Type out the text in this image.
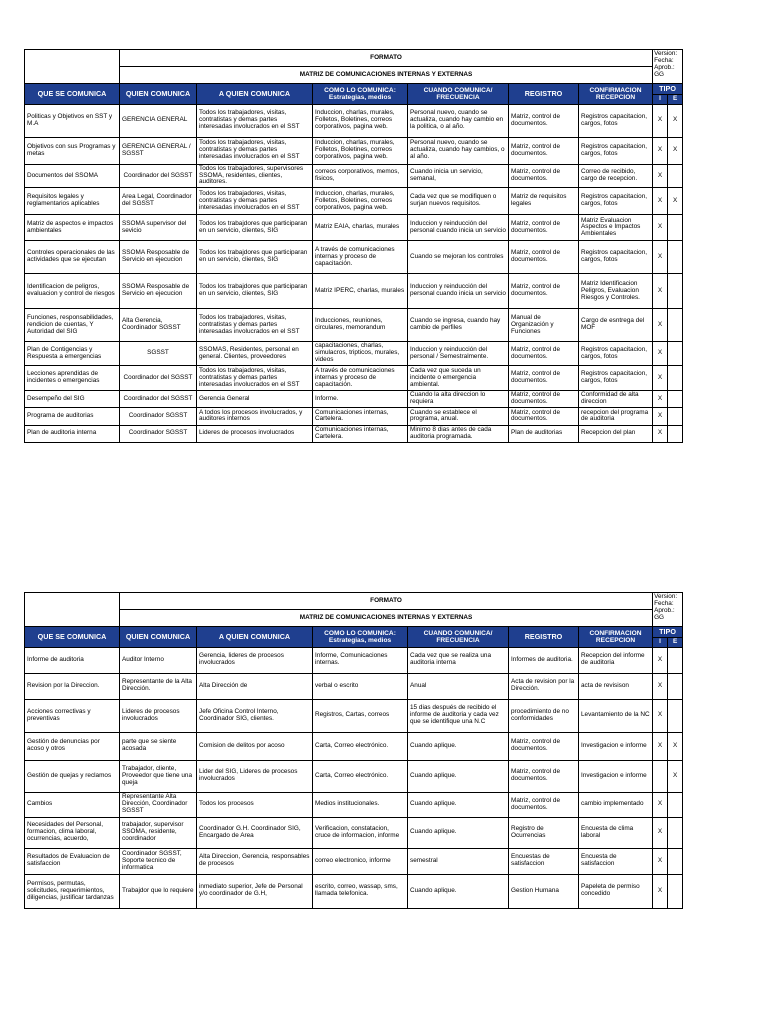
	FORMATO						Version:
Fecha:
Aprob.: GG	

	MATRIZ DE COMUNICACIONES INTERNAS Y EXTERNAS							
QUE SE COMUNICA	QUIEN COMUNICA	A QUIEN COMUNICA	COMO LO COMUNICA: Estrategias, medios	CUANDO COMUNICA/ FRECUENCIA	REGISTRO	CONFIRMACION RECEPCION	TIPO	
							I	E
Politicas y Objetivos en SST y M.A	GERENCIA GENERAL	Todos los trabajadores, visitas, contratistas y demas partes interesadas involucrados en el SST	Induccion, charlas, murales, Folletos, Boletines, correos corporativos, pagina web.	Personal nuevo, cuando se actualiza, cuando hay cambio en la politica, o al año.	Matriz, control de documentos.	Registros capacitacion, cargos, fotos	X	X
Objetivos con sus Programas y metas	GERENCIA GENERAL / SGSST	Todos los trabajadores, visitas, contratistas y demas partes interesadas involucrados en el SST	Induccion, charlas, murales, Folletos, Boletines, correos corporativos, pagina web.	Personal nuevo, cuando se actualiza, cuando hay cambios, o al año.	Matriz, control de documentos.	Registros capacitacion, cargos, fotos	X	X
Documentos del SSOMA	Coordinador del SGSST	Todos los trabajadores, supervisores SSOMA, residentes, clientes, auditores.	correos corporativos, memos, fisicos,	Cuando inicia un servicio, semanal,	Matriz, control de documentos.	Correo de recibido, cargo de recepcion.	X	
Requisitos legales y reglamentarios aplicables	Area Legal, Coordinador del SGSST	Todos los trabajadores, visitas, contratistas y demas partes interesadas involucrados en el SST	Induccion, charlas, murales, Folletos, Boletines, correos corporativos, pagina web.	Cada vez que se modifiquen o surjan nuevos requisitos.	Matriz de requisitos legales	Registros capacitacion, cargos, fotos	X	X
Matriz de aspectos e impactos ambientales	SSOMA supervisor del sevicio	Todos los trabajdores que participaran en un servicio, clientes, SIG	Matriz EAIA, charlas, murales	Induccion y reinducción del personal cuando inicia un servicio	Matriz, control de documentos.	Matriz Evaluacion Aspectos e Impactos Ambientales	X	
Controles operacionales de las actividades que se ejecutan	SSOMA Resposable de Servicio en ejecucion	Todos los trabajdores que participaran en un servicio, clientes, SIG	A través de comunicaciones internas y proceso de capacitación.	Cuando se mejoran los controles	Matriz, control de documentos.	Registros capacitacion, cargos, fotos	X	
Identificacion de peligros, evaluacion y control de riesgos	SSOMA Resposable de Servicio en ejecucion	Todos los trabajdores que participaran en un servicio, clientes, SIG	Matriz IPERC, charlas, murales	Induccion y reinducción del personal cuando inicia un servicio	Matriz, control de documentos.	Matriz Identificacion Peligros, Evaluacion Riesgos y Controles.	X	
Funciones, responsabilidades, rendicion de cuentas, Y Autoridad del SIG	Alta Gerencia, Coordinador SGSST	Todos los trabajadores, visitas, contratistas y demas partes interesadas involucrados en el SST	Inducciones, reuniones, circulares, memorandum	Cuando se ingresa, cuando hay cambio de perfiles	Manual de Organización y Funciones	Cargo de esntrega del MOF	X	
Plan de Contigencias y Respuesta a emergencias	SGSST	SSOMAS, Residentes, personal en general. Clientes, proveedores	capacitaciones, charlas, simulacros, tripticos, murales, videos	Induccion y reinducción del personal / Semestralmente.	Matriz, control de documentos.	Registros capacitacion, cargos, fotos	X	
Lecciones aprendidas de incidentes o emergencias	Coordinador del SGSST	Todos los trabajadores, visitas, contratistas y demas partes interesadas involucrados en el SST	A través de comunicaciones internas y proceso de capacitación.	Cada vez que suceda un incidente o emergencia ambiental.	Matriz, control de documentos.	Registros capacitacion, cargos, fotos	X	
Desempeño del SIG	Coordinador del SGSST	Gerencia General	Informe.	Cuando la alta direccion lo requiera	Matriz, control de documentos.	Conformidad de alta direccion	X	
Programa de auditorias	Coordinador SGSST	A todos los procesos involucrados, y auditores internos	Comunicaciones internas, Cartelera.	Cuando se establece el programa, anual.	Matriz, control de documentos.	recepcion del programa de auditoria	X	
Plan de auditoria interna	Coordinador SGSST	Lideres de procesos involucrados	Comunicaciones internas, Cartelera.	Minimo 8 dias antes de cada auditoria programada.	Plan de auditorias	Recepcion del plan	X	
	FORMATO						Version:
Fecha:
Aprob.: GG	

	MATRIZ DE COMUNICACIONES INTERNAS Y EXTERNAS							
QUE SE COMUNICA	QUIEN COMUNICA	A QUIEN COMUNICA	COMO LO COMUNICA: Estrategias, medios	CUANDO COMUNICA/ FRECUENCIA	REGISTRO	CONFIRMACION RECEPCION	TIPO	
							I	E
Informe de auditoria	Auditor Interno	Gerencia, lideres de procesos involucrados	Informe, Comunicaciones internas.	Cada vez que se realiza una auditoria interna	Informes de auditoria.	Recepcion del informe de auditoria	X	
Revision por la Direccion.	Representante de la Alta Dirección.	Alta Dirección de	verbal o escrito	Anual	Acta de revision por la Dirección.	acta de revisison	X	
Acciones correctivas y preventivas	Lideres de procesos involucrados	Jefe Oficina Control Interno, Coordinador SIG, clientes.	Registros, Cartas, correos	15 dias después de recibido el informe de auditoria y cada vez que se identifique una N.C	procedimiento de no conformidades	Levantamiento de la NC	X	
Gestión de denuncias por acoso y otros	parte que se siente acosada	Comision de delitos por acoso	Carta, Correo electrónico.	Cuando aplique.	Matriz, control de documentos.	Investigacion e informe	X	X
Gestión de quejas y reclamos	Trabajador, cliente, Proveedor que tiene una queja	Lider del SIG, Lideres de procesos involucrados	Carta, Correo electrónico.	Cuando aplique.	Matriz, control de documentos.	Investigacion e informe		X
Cambios	Representante Alta Dirección, Coordinador SGSST	Todos los procesos	Medios institucionales.	Cuando aplique.	Matriz, control de documentos.	cambio implementado	X	
Necesidades del Personal, formacion, clima laboral, ocurrencias, acuerdo,	trabajador, supervisor SSOMA, residente, coordinador	Coordinador G.H. Coordinador SIG, Encargado de Area	Verificacion, constatacion, cruce de informacion, informe	Cuando aplique.	Registro de Ocurrencias	Encuesta de clima laboral	X	
Resultados de Evaluacion de satisfaccion	Coordinador SGSST, Soporte tecnico de informatica	Alta Direccion, Gerencia, responsables de procesos	correo electronico, informe	semestral	Encuestas de satisfaccion	Encuesta de satisfaccion	X	
Permisos, permutas, solicitudes, requerimientos, diligencias, justificar tardanzas	Trabajdor que lo requiere	inmediato superior, Jefe de Personal y/o coordinador de G.H,	escrito, correo, wassap, sms, llamada telefonica.	Cuando aplique.	Gestion Humana	Papeleta de permiso concedido	X	
